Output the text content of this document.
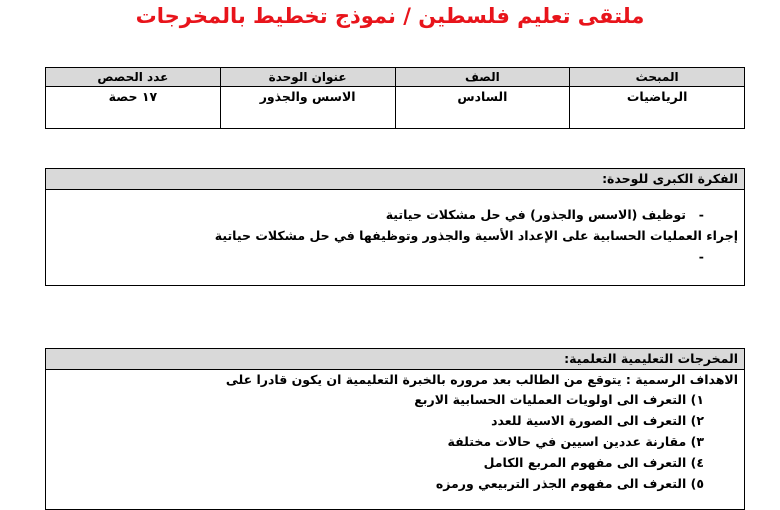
ملتقى تعليم فلسطين / نموذج تخطيط بالمخرجات
المبحث	الصف	عنوان الوحدة	عدد الحصص
الرياضيات	السادس	الاسس والجذور	١٧ حصة
الفكرة الكبرى للوحدة:
-توظيف (الاسس والجذور) في حل مشكلات حياتية
إجراء العمليات الحسابية على الإعداد الأسية والجذور وتوظيفها في حل مشكلات حياتية
-
المخرجات التعليمية التعلمية:
الاهداف الرسمية : يتوقع من الطالب بعد مروره بالخبرة التعليمية ان يكون قادرا على
١) التعرف الى اولويات العمليات الحسابية الاربع
٢) التعرف الى الصورة الاسية للعدد
٣) مقارنة عددين اسيين في حالات مختلفة
٤) التعرف الى مفهوم المربع الكامل
٥) التعرف الى مفهوم الجذر التربيعي ورمزه
